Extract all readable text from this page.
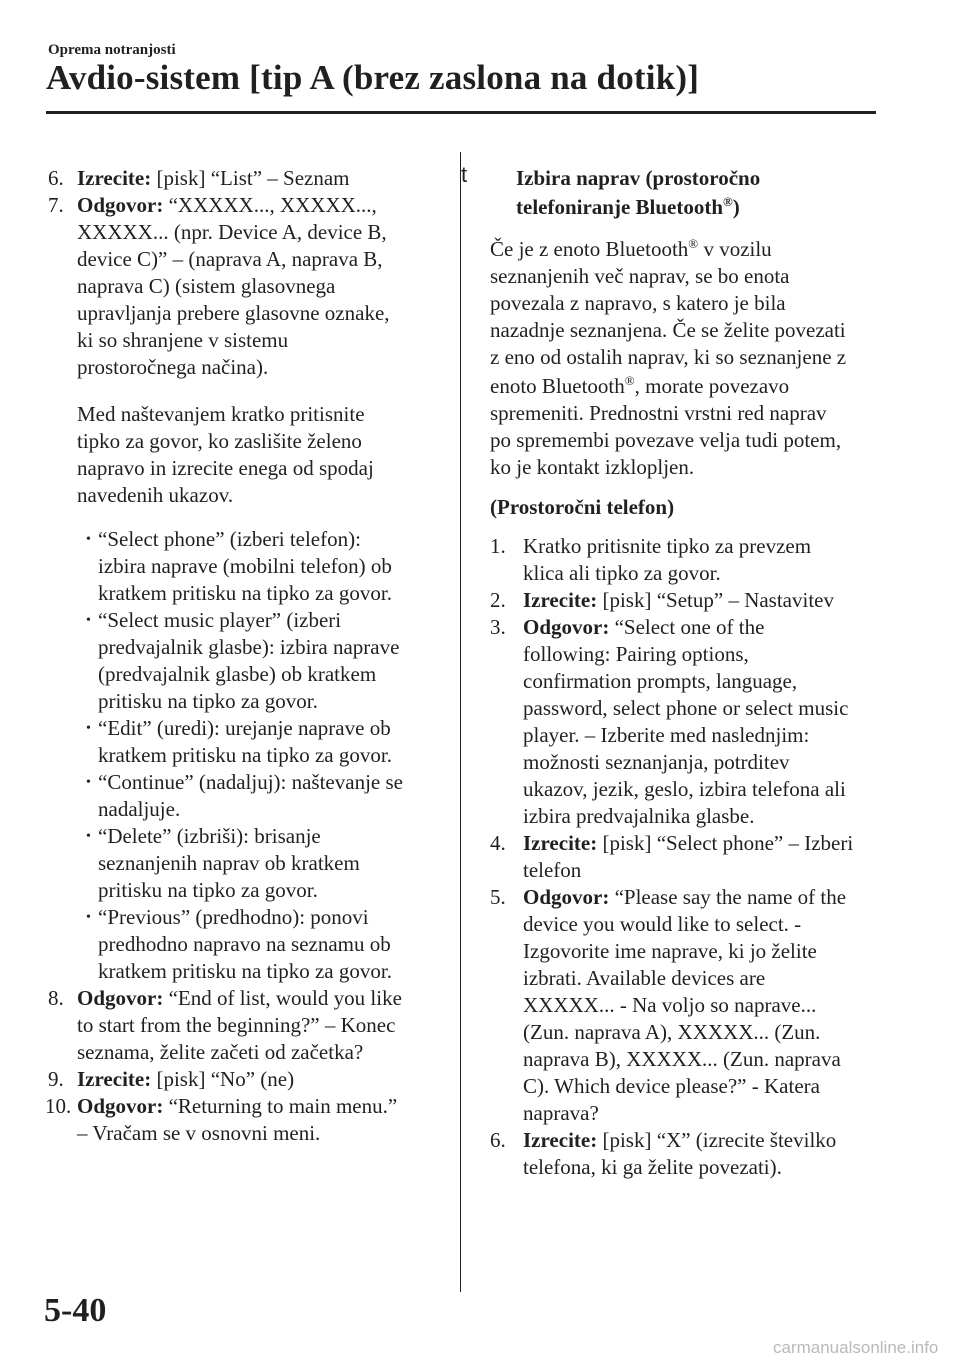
Oprema notranjosti
Avdio-sistem [tip A (brez zaslona na dotik)]
6. Izrecite: [pisk] “List” – Seznam
7. Odgovor: “XXXXX..., XXXXX...,
XXXXX... (npr. Device A, device B,
device C)” – (naprava A, naprava B,
naprava C) (sistem glasovnega
upravljanja prebere glasovne oznake,
ki so shranjene v sistemu
prostoročnega načina).
Med naštevanjem kratko pritisnite
tipko za govor, ko zaslišite želeno
napravo in izrecite enega od spodaj
navedenih ukazov.
• “Select phone” (izberi telefon):
izbira naprave (mobilni telefon) ob
kratkem pritisku na tipko za govor.
• “Select music player” (izberi
predvajalnik glasbe): izbira naprave
(predvajalnik glasbe) ob kratkem
pritisku na tipko za govor.
• “Edit” (uredi): urejanje naprave ob
kratkem pritisku na tipko za govor.
• “Continue” (nadaljuj): naštevanje se
nadaljuje.
• “Delete” (izbriši): brisanje
seznanjenih naprav ob kratkem
pritisku na tipko za govor.
• “Previous” (predhodno): ponovi
predhodno napravo na seznamu ob
kratkem pritisku na tipko za govor.
8. Odgovor: “End of list, would you like
to start from the beginning?” – Konec
seznama, želite začeti od začetka?
9. Izrecite: [pisk] “No” (ne)
10. Odgovor: “Returning to main menu.”
– Vračam se v osnovni meni.
t Izbira naprav (prostoročno
telefoniranje Bluetooth®)
Če je z enoto Bluetooth® v vozilu
seznanjenih več naprav, se bo enota
povezala z napravo, s katero je bila
nazadnje seznanjena. Če se želite povezati
z eno od ostalih naprav, ki so seznanjene z
enoto Bluetooth®, morate povezavo
spremeniti. Prednostni vrstni red naprav
po spremembi povezave velja tudi potem,
ko je kontakt izklopljen.
(Prostoročni telefon)
1. Kratko pritisnite tipko za prevzem
klica ali tipko za govor.
2. Izrecite: [pisk] “Setup” – Nastavitev
3. Odgovor: “Select one of the
following: Pairing options,
confirmation prompts, language,
password, select phone or select music
player. – Izberite med naslednjim:
možnosti seznanjanja, potrditev
ukazov, jezik, geslo, izbira telefona ali
izbira predvajalnika glasbe.
4. Izrecite: [pisk] “Select phone” – Izberi
telefon
5. Odgovor: “Please say the name of the
device you would like to select. -
Izgovorite ime naprave, ki jo želite
izbrati. Available devices are
XXXXX... - Na voljo so naprave...
(Zun. naprava A), XXXXX... (Zun.
naprava B), XXXXX... (Zun. naprava
C). Which device please?” - Katera
naprava?
6. Izrecite: [pisk] “X” (izrecite številko
telefona, ki ga želite povezati).
5-40
carmanualsonline.info
